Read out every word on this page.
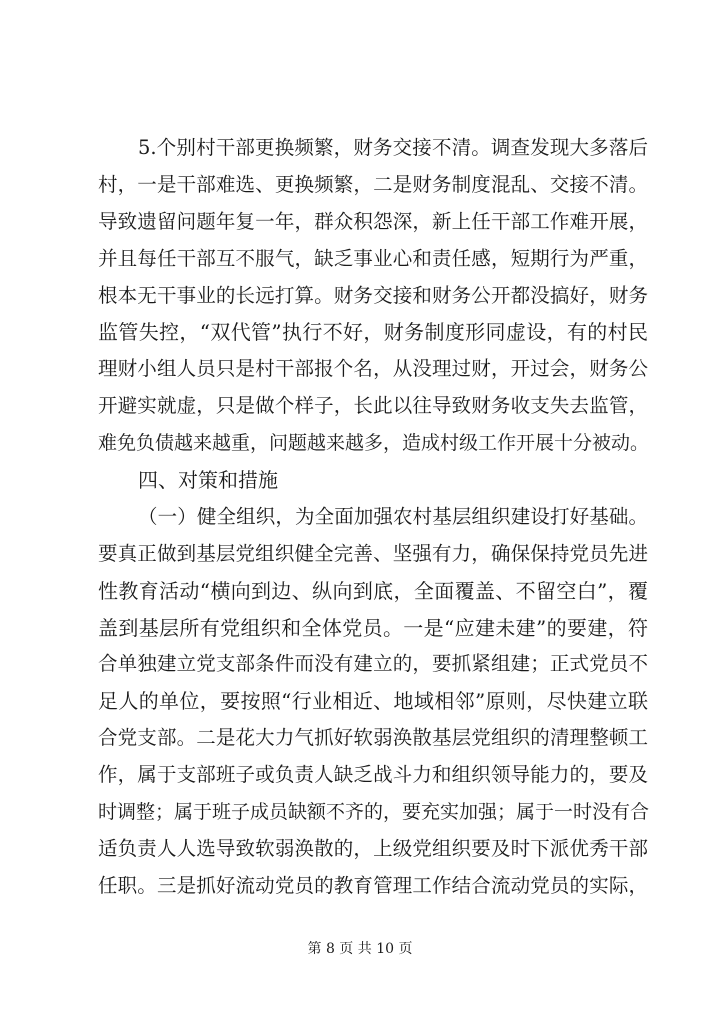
5.个别村干部更换频繁，财务交接不清。调查发现大多落后
村，一是干部难选、更换频繁，二是财务制度混乱、交接不清。
导致遗留问题年复一年，群众积怨深，新上任干部工作难开展，
并且每任干部互不服气，缺乏事业心和责任感，短期行为严重，
根本无干事业的长远打算。财务交接和财务公开都没搞好，财务
监管失控，“双代管”执行不好，财务制度形同虚设，有的村民
理财小组人员只是村干部报个名，从没理过财，开过会，财务公
开避实就虚，只是做个样子，长此以往导致财务收支失去监管，
难免负债越来越重，问题越来越多，造成村级工作开展十分被动。
四、对策和措施
（一）健全组织，为全面加强农村基层组织建设打好基础。
要真正做到基层党组织健全完善、坚强有力，确保保持党员先进
性教育活动“横向到边、纵向到底，全面覆盖、不留空白”，覆
盖到基层所有党组织和全体党员。一是“应建未建”的要建，符
合单独建立党支部条件而没有建立的，要抓紧组建；正式党员不
足人的单位，要按照“行业相近、地域相邻”原则，尽快建立联
合党支部。二是花大力气抓好软弱涣散基层党组织的清理整顿工
作，属于支部班子或负责人缺乏战斗力和组织领导能力的，要及
时调整；属于班子成员缺额不齐的，要充实加强；属于一时没有合
适负责人人选导致软弱涣散的，上级党组织要及时下派优秀干部
任职。三是抓好流动党员的教育管理工作结合流动党员的实际，
第 8 页 共 10 页
